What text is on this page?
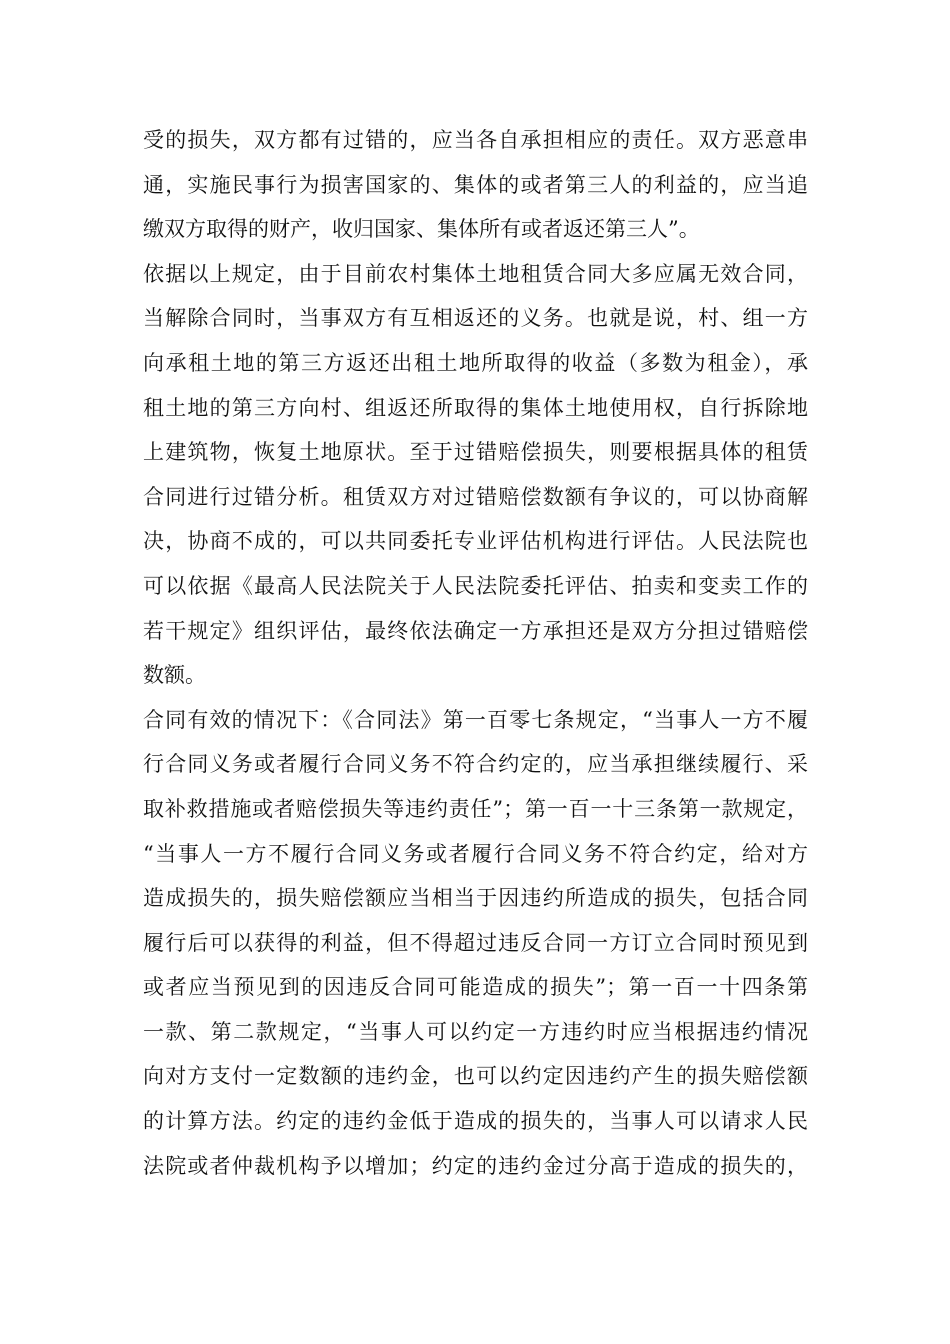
受的损失，双方都有过错的，应当各自承担相应的责任。双方恶意串
通，实施民事行为损害国家的、集体的或者第三人的利益的，应当追
缴双方取得的财产，收归国家、集体所有或者返还第三人”。
依据以上规定，由于目前农村集体土地租赁合同大多应属无效合同，
当解除合同时，当事双方有互相返还的义务。也就是说，村、组一方
向承租土地的第三方返还出租土地所取得的收益（多数为租金），承
租土地的第三方向村、组返还所取得的集体土地使用权，自行拆除地
上建筑物，恢复土地原状。至于过错赔偿损失，则要根据具体的租赁
合同进行过错分析。租赁双方对过错赔偿数额有争议的，可以协商解
决，协商不成的，可以共同委托专业评估机构进行评估。人民法院也
可以依据《最高人民法院关于人民法院委托评估、拍卖和变卖工作的
若干规定》组织评估，最终依法确定一方承担还是双方分担过错赔偿
数额。
合同有效的情况下：《合同法》第一百零七条规定，“当事人一方不履
行合同义务或者履行合同义务不符合约定的，应当承担继续履行、采
取补救措施或者赔偿损失等违约责任”；第一百一十三条第一款规定，
“当事人一方不履行合同义务或者履行合同义务不符合约定，给对方
造成损失的，损失赔偿额应当相当于因违约所造成的损失，包括合同
履行后可以获得的利益，但不得超过违反合同一方订立合同时预见到
或者应当预见到的因违反合同可能造成的损失”；第一百一十四条第
一款、第二款规定，“当事人可以约定一方违约时应当根据违约情况
向对方支付一定数额的违约金，也可以约定因违约产生的损失赔偿额
的计算方法。约定的违约金低于造成的损失的，当事人可以请求人民
法院或者仲裁机构予以增加；约定的违约金过分高于造成的损失的，
